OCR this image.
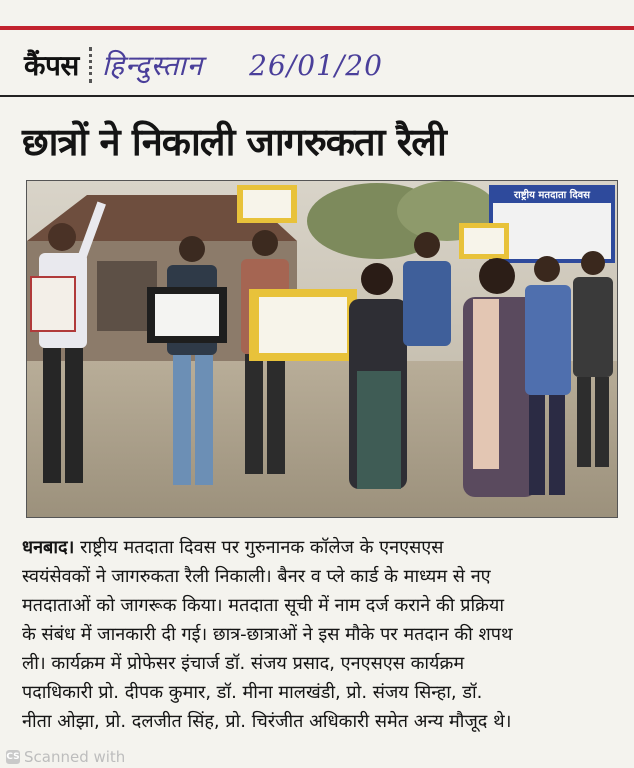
कैंपस हिन्दुस्तान 26/01/20
छात्रों ने निकाली जागरुकता रैली
राष्ट्रीय मतदाता दिवस
धनबाद। राष्ट्रीय मतदाता दिवस पर गुरुनानक कॉलेज के एनएसएस
स्वयंसेवकों ने जागरुकता रैली निकाली। बैनर व प्ले कार्ड के माध्यम से नए
मतदाताओं को जागरूक किया। मतदाता सूची में नाम दर्ज कराने की प्रक्रिया
के संबंध में जानकारी दी गई। छात्र-छात्राओं ने इस मौके पर मतदान की शपथ
ली। कार्यक्रम में प्रोफेसर इंचार्ज डॉ. संजय प्रसाद, एनएसएस कार्यक्रम
पदाधिकारी प्रो. दीपक कुमार, डॉ. मीना मालखंडी, प्रो. संजय सिन्हा, डॉ.
नीता ओझा, प्रो. दलजीत सिंह, प्रो. चिरंजीत अधिकारी समेत अन्य मौजूद थे।
CS Scanned with
